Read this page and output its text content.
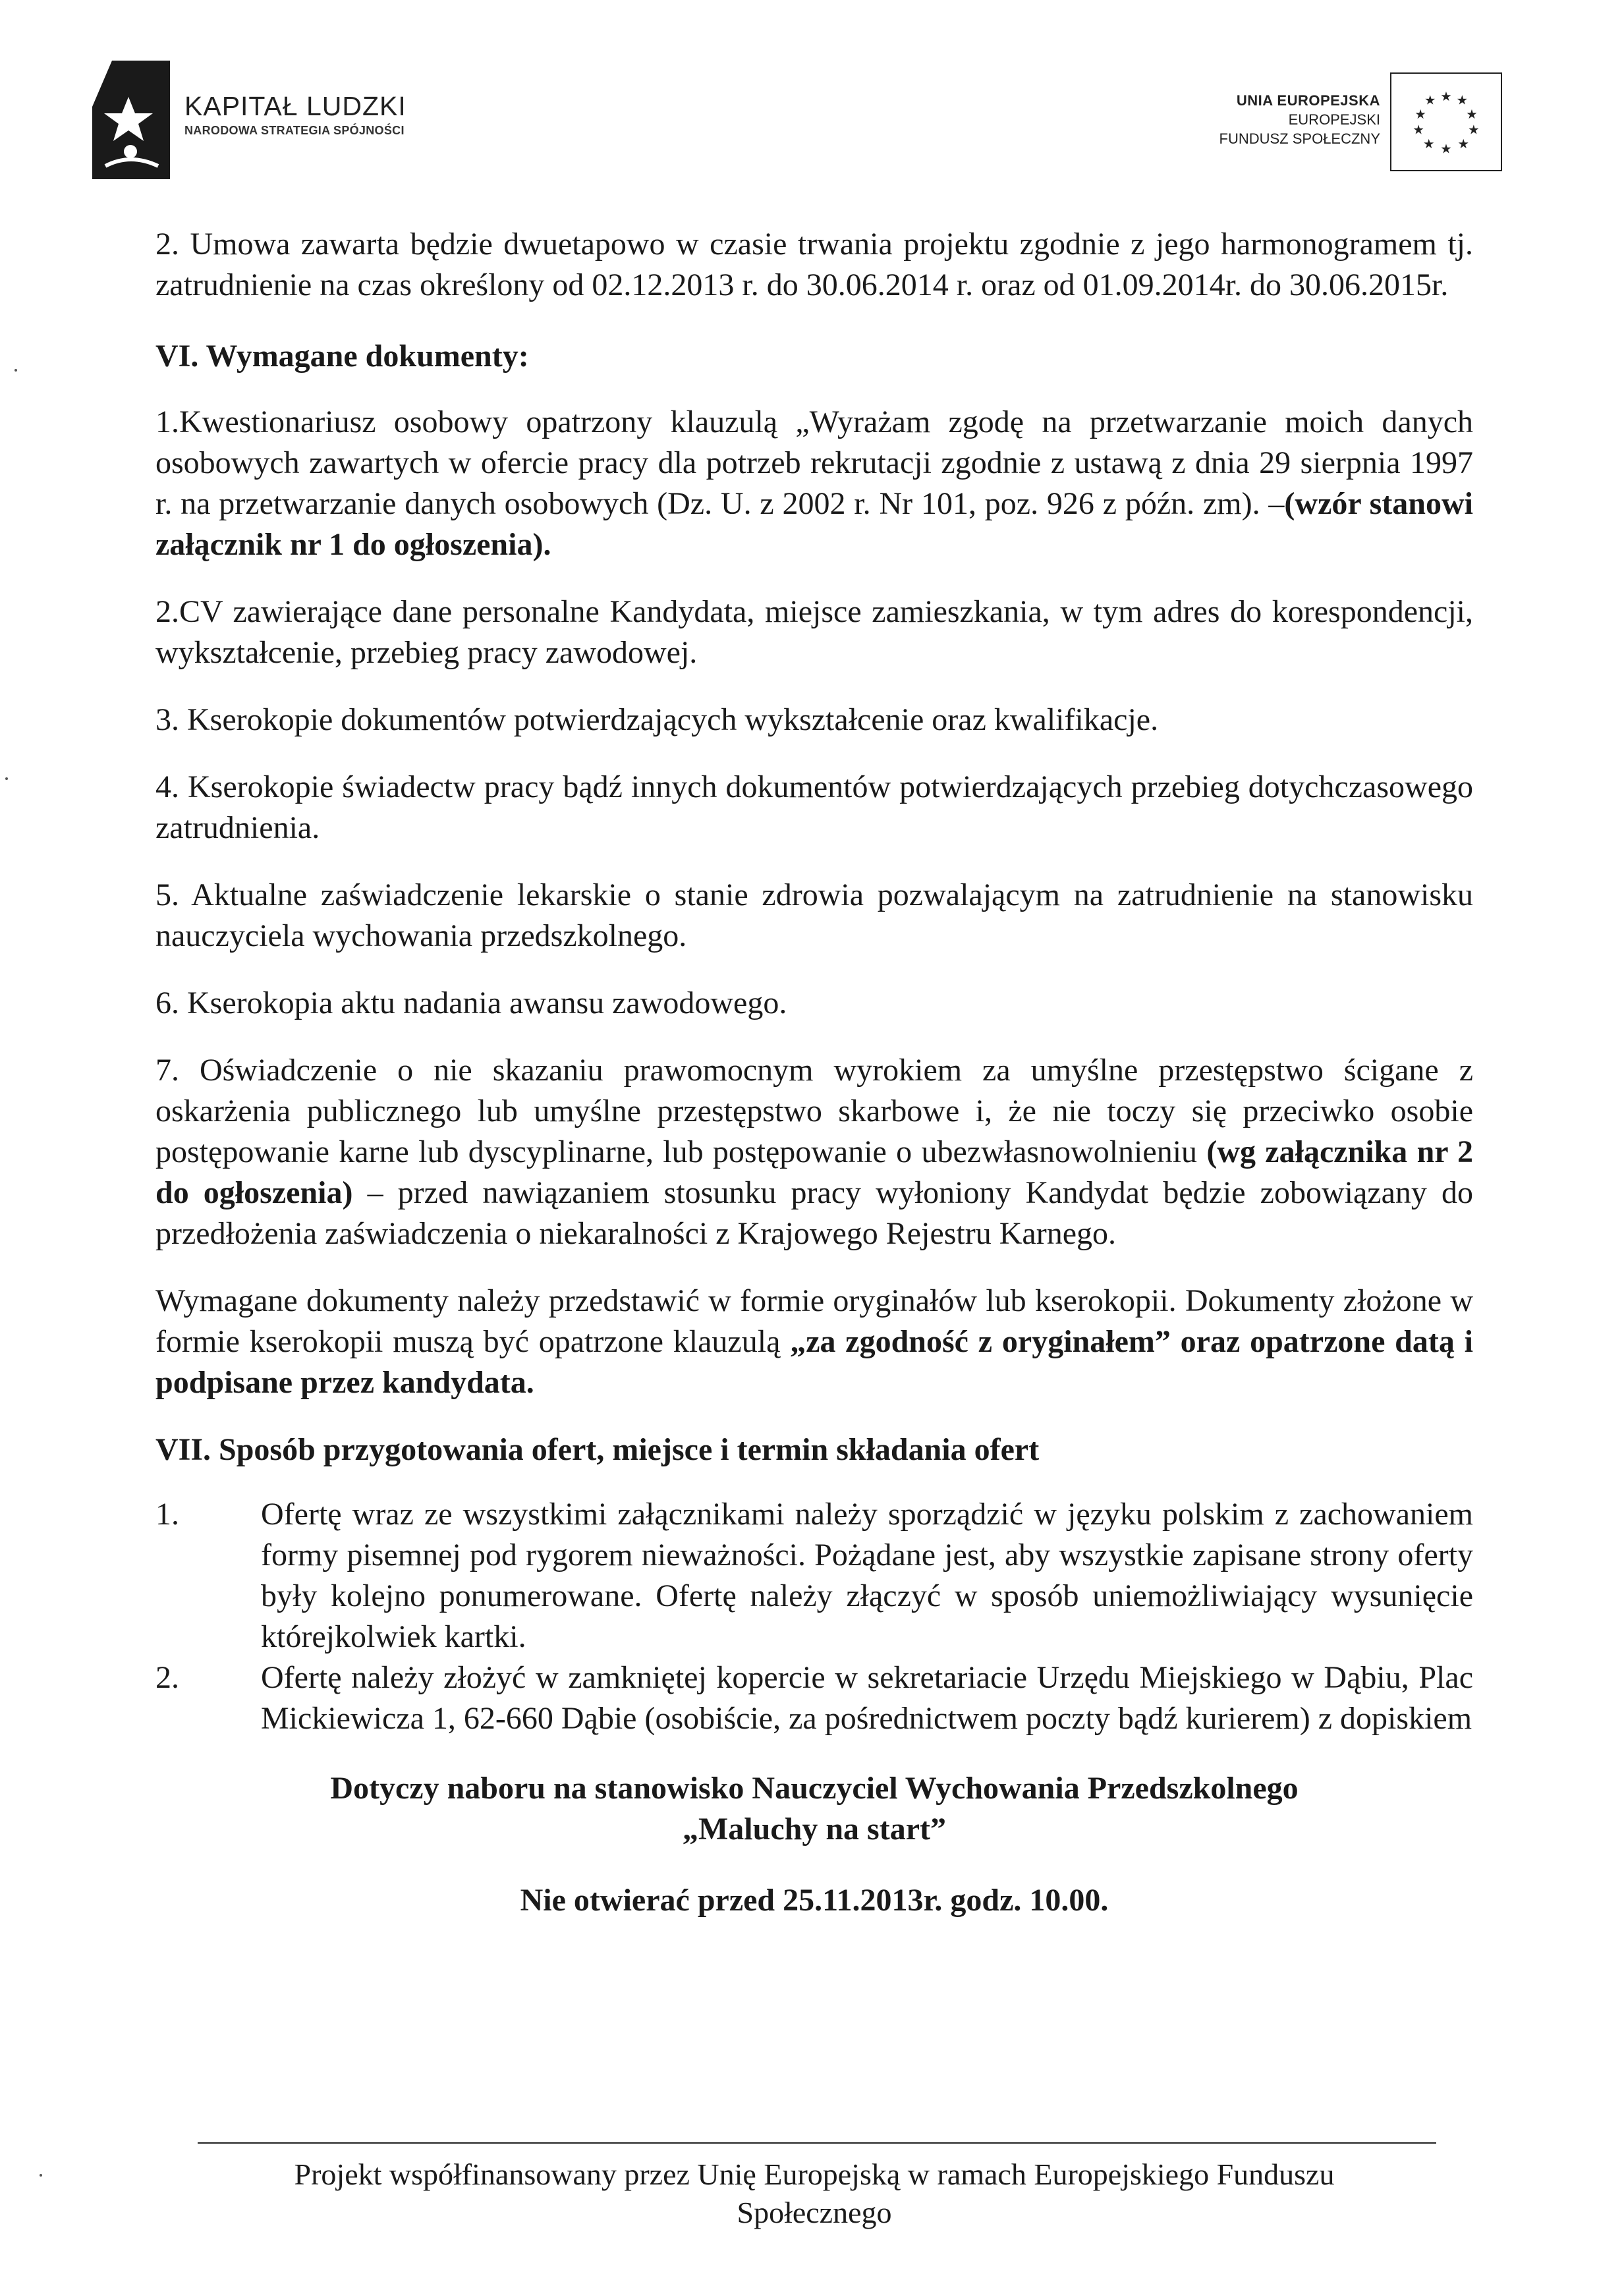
KAPITAŁ LUDZKI
NARODOWA STRATEGIA SPÓJNOŚCI
UNIA EUROPEJSKA
EUROPEJSKI
FUNDUSZ SPOŁECZNY
★ ★
★
★
★
★
★
★
★ ★

2. Umowa zawarta będzie dwuetapowo w czasie trwania projektu zgodnie z jego harmonogramem tj. zatrudnienie na czas określony od 02.12.2013 r. do 30.06.2014 r. oraz od 01.09.2014r. do 30.06.2015r.

VI. Wymagane dokumenty:

1.Kwestionariusz osobowy opatrzony klauzulą „Wyrażam zgodę na przetwarzanie moich danych osobowych zawartych w ofercie pracy dla potrzeb rekrutacji zgodnie z ustawą z dnia 29 sierpnia 1997 r. na przetwarzanie danych osobowych (Dz. U. z 2002 r. Nr 101, poz. 926 z późn. zm). –(wzór stanowi załącznik nr 1 do ogłoszenia).

2.CV zawierające dane personalne Kandydata, miejsce zamieszkania, w tym adres do korespondencji, wykształcenie, przebieg pracy zawodowej.

3. Kserokopie dokumentów potwierdzających wykształcenie oraz kwalifikacje.

4. Kserokopie świadectw pracy bądź innych dokumentów potwierdzających przebieg dotychczasowego zatrudnienia.

5. Aktualne zaświadczenie lekarskie o stanie zdrowia pozwalającym na zatrudnienie na stanowisku nauczyciela wychowania przedszkolnego.

6. Kserokopia aktu nadania awansu zawodowego.

7. Oświadczenie o nie skazaniu prawomocnym wyrokiem za umyślne przestępstwo ścigane z oskarżenia publicznego lub umyślne przestępstwo skarbowe i, że nie toczy się przeciwko osobie postępowanie karne lub dyscyplinarne, lub postępowanie o ubezwłasnowolnieniu (wg załącznika nr 2 do ogłoszenia) – przed nawiązaniem stosunku pracy wyłoniony Kandydat będzie zobowiązany do przedłożenia zaświadczenia o niekaralności z Krajowego Rejestru Karnego.

Wymagane dokumenty należy przedstawić w formie oryginałów lub kserokopii. Dokumenty złożone w formie kserokopii muszą być opatrzone klauzulą „za zgodność z oryginałem” oraz opatrzone datą i podpisane przez kandydata.

VII. Sposób przygotowania ofert, miejsce i termin składania ofert
1.	Ofertę wraz ze wszystkimi załącznikami należy sporządzić w języku polskim z zachowaniem formy pisemnej pod rygorem nieważności. Pożądane jest, aby wszystkie zapisane strony oferty były kolejno ponumerowane. Ofertę należy złączyć w sposób uniemożliwiający wysunięcie którejkolwiek kartki.
2.	Ofertę należy złożyć w zamkniętej kopercie w sekretariacie Urzędu Miejskiego w Dąbiu, Plac Mickiewicza 1, 62-660 Dąbie (osobiście, za pośrednictwem poczty bądź kurierem) z dopiskiem

Dotyczy naboru na stanowisko Nauczyciel Wychowania Przedszkolnego

„Maluchy na start”

Nie otwierać przed 25.11.2013r. godz. 10.00.

Projekt współfinansowany przez Unię Europejską w ramach Europejskiego Funduszu
Społecznego
